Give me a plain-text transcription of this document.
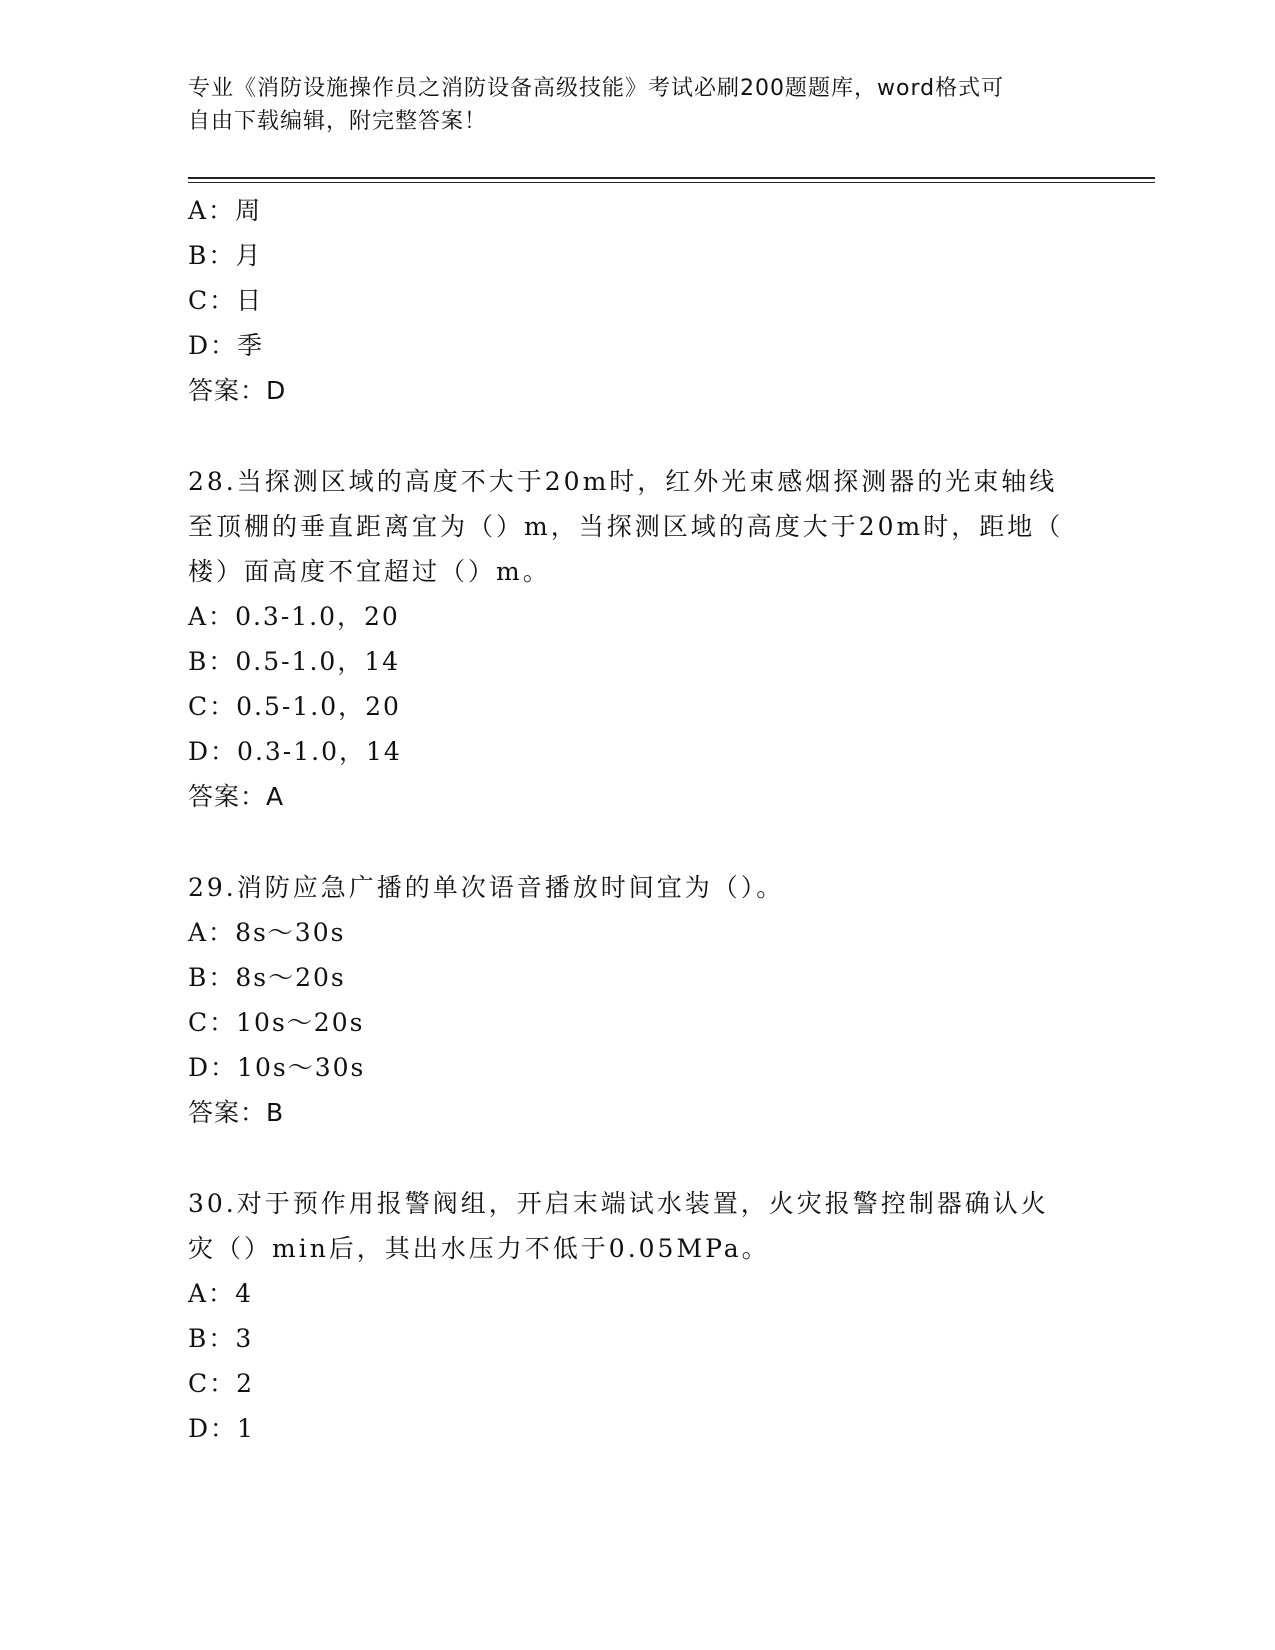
专业《消防设施操作员之消防设备高级技能》考试必刷200题题库，word格式可
自由下载编辑，附完整答案！
A：周
B：月
C：日
D：季
答案：D
28.当探测区域的高度不大于20m时，红外光束感烟探测器的光束轴线
至顶棚的垂直距离宜为（）m，当探测区域的高度大于20m时，距地（
楼）面高度不宜超过（）m。
A：0.3-1.0，20
B：0.5-1.0，14
C：0.5-1.0，20
D：0.3-1.0，14
答案：A
29.消防应急广播的单次语音播放时间宜为（）。
A：8s～30s
B：8s～20s
C：10s～20s
D：10s～30s
答案：B
30.对于预作用报警阀组，开启末端试水装置，火灾报警控制器确认火
灾（）min后，其出水压力不低于0.05MPa。
A：4
B：3
C：2
D：1
